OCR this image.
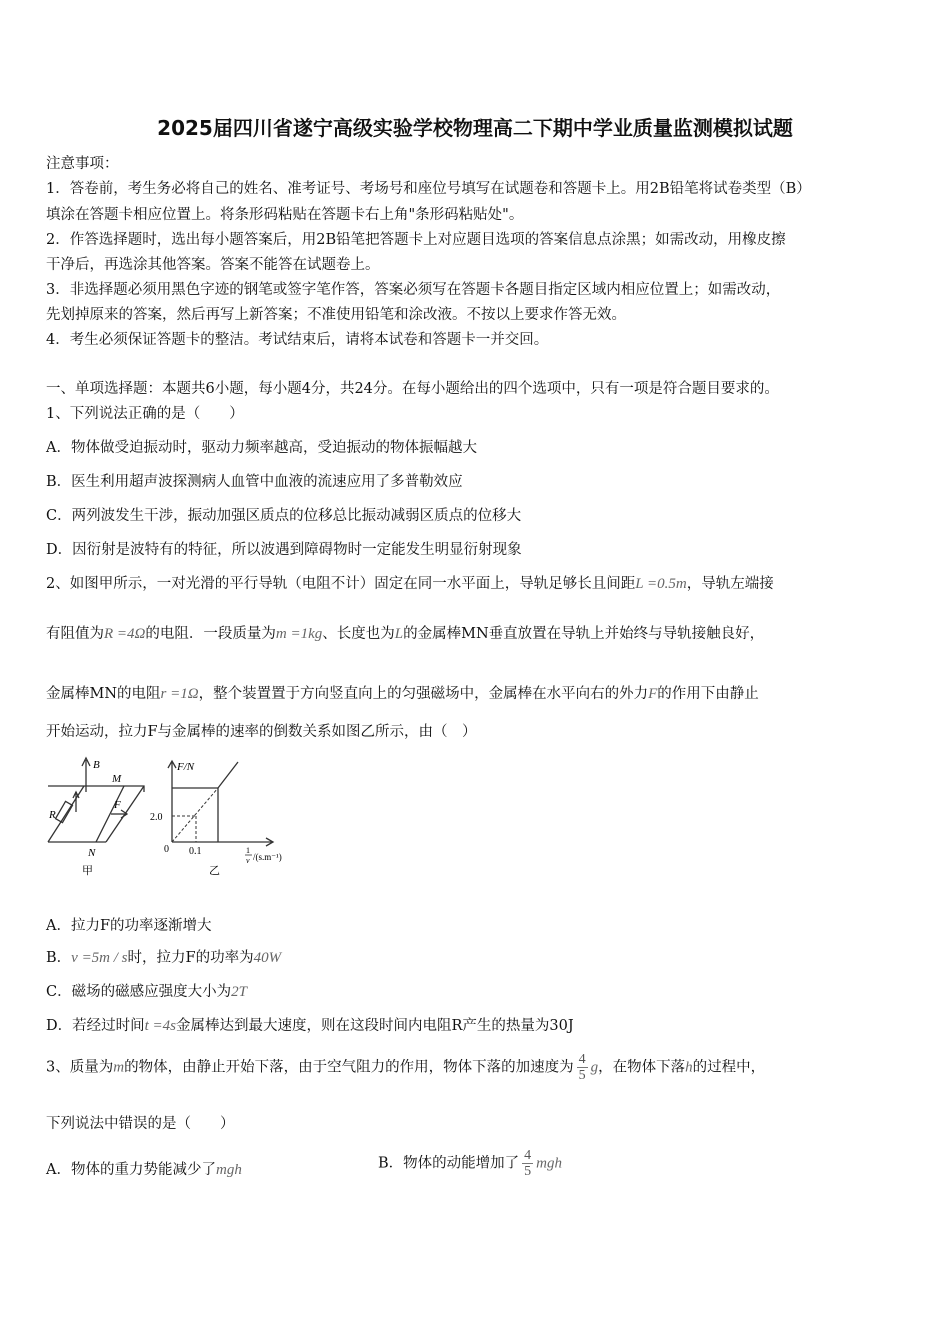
2025届四川省遂宁高级实验学校物理高二下期中学业质量监测模拟试题
注意事项：
1．答卷前，考生务必将自己的姓名、准考证号、考场号和座位号填写在试题卷和答题卡上。用2B铅笔将试卷类型（B）
填涂在答题卡相应位置上。将条形码粘贴在答题卡右上角"条形码粘贴处"。
2．作答选择题时，选出每小题答案后，用2B铅笔把答题卡上对应题目选项的答案信息点涂黑；如需改动，用橡皮擦
干净后，再选涂其他答案。答案不能答在试题卷上。
3．非选择题必须用黑色字迹的钢笔或签字笔作答，答案必须写在答题卡各题目指定区域内相应位置上；如需改动，
先划掉原来的答案，然后再写上新答案；不准使用铅笔和涂改液。不按以上要求作答无效。
4．考生必须保证答题卡的整洁。考试结束后，请将本试卷和答题卡一并交回。
一、单项选择题：本题共6小题，每小题4分，共24分。在每小题给出的四个选项中，只有一项是符合题目要求的。
1、下列说法正确的是（　　）
A．物体做受迫振动时，驱动力频率越高，受迫振动的物体振幅越大
B．医生利用超声波探测病人血管中血液的流速应用了多普勒效应
C．两列波发生干涉，振动加强区质点的位移总比振动减弱区质点的位移大
D．因衍射是波特有的特征，所以波遇到障碍物时一定能发生明显衍射现象
2、如图甲所示，一对光滑的平行导轨（电阻不计）固定在同一水平面上，导轨足够长且间距L =0.5m，导轨左端接
有阻值为R =4Ω的电阻．一段质量为m =1kg、长度也为L的金属棒MN垂直放置在导轨上并始终与导轨接触良好，
金属棒MN的电阻r =1Ω，整个装置置于方向竖直向上的匀强磁场中，金属棒在水平向右的外力F的作用下由静止
开始运动，拉力F与金属棒的速率的倒数关系如图乙所示，由（　）
B
M
F
R
N
甲
F/N
2.0
0 0.1	1
v /(s.m⁻¹)
乙
A．拉力F的功率逐渐增大
B．v =5m / s时，拉力F的功率为40W
C．磁场的磁感应强度大小为2T
D．若经过时间t =4s金属棒达到最大速度，则在这段时间内电阻R产生的热量为30J
3、质量为m的物体，由静止开始下落，由于空气阻力的作用，物体下落的加速度为 $\frac{4}{5}$ g，在物体下落h的过程中，
下列说法中错误的是（　　）
A．物体的重力势能减少了mgh	B．物体的动能增加了 $\frac{4}{5}$ mgh
